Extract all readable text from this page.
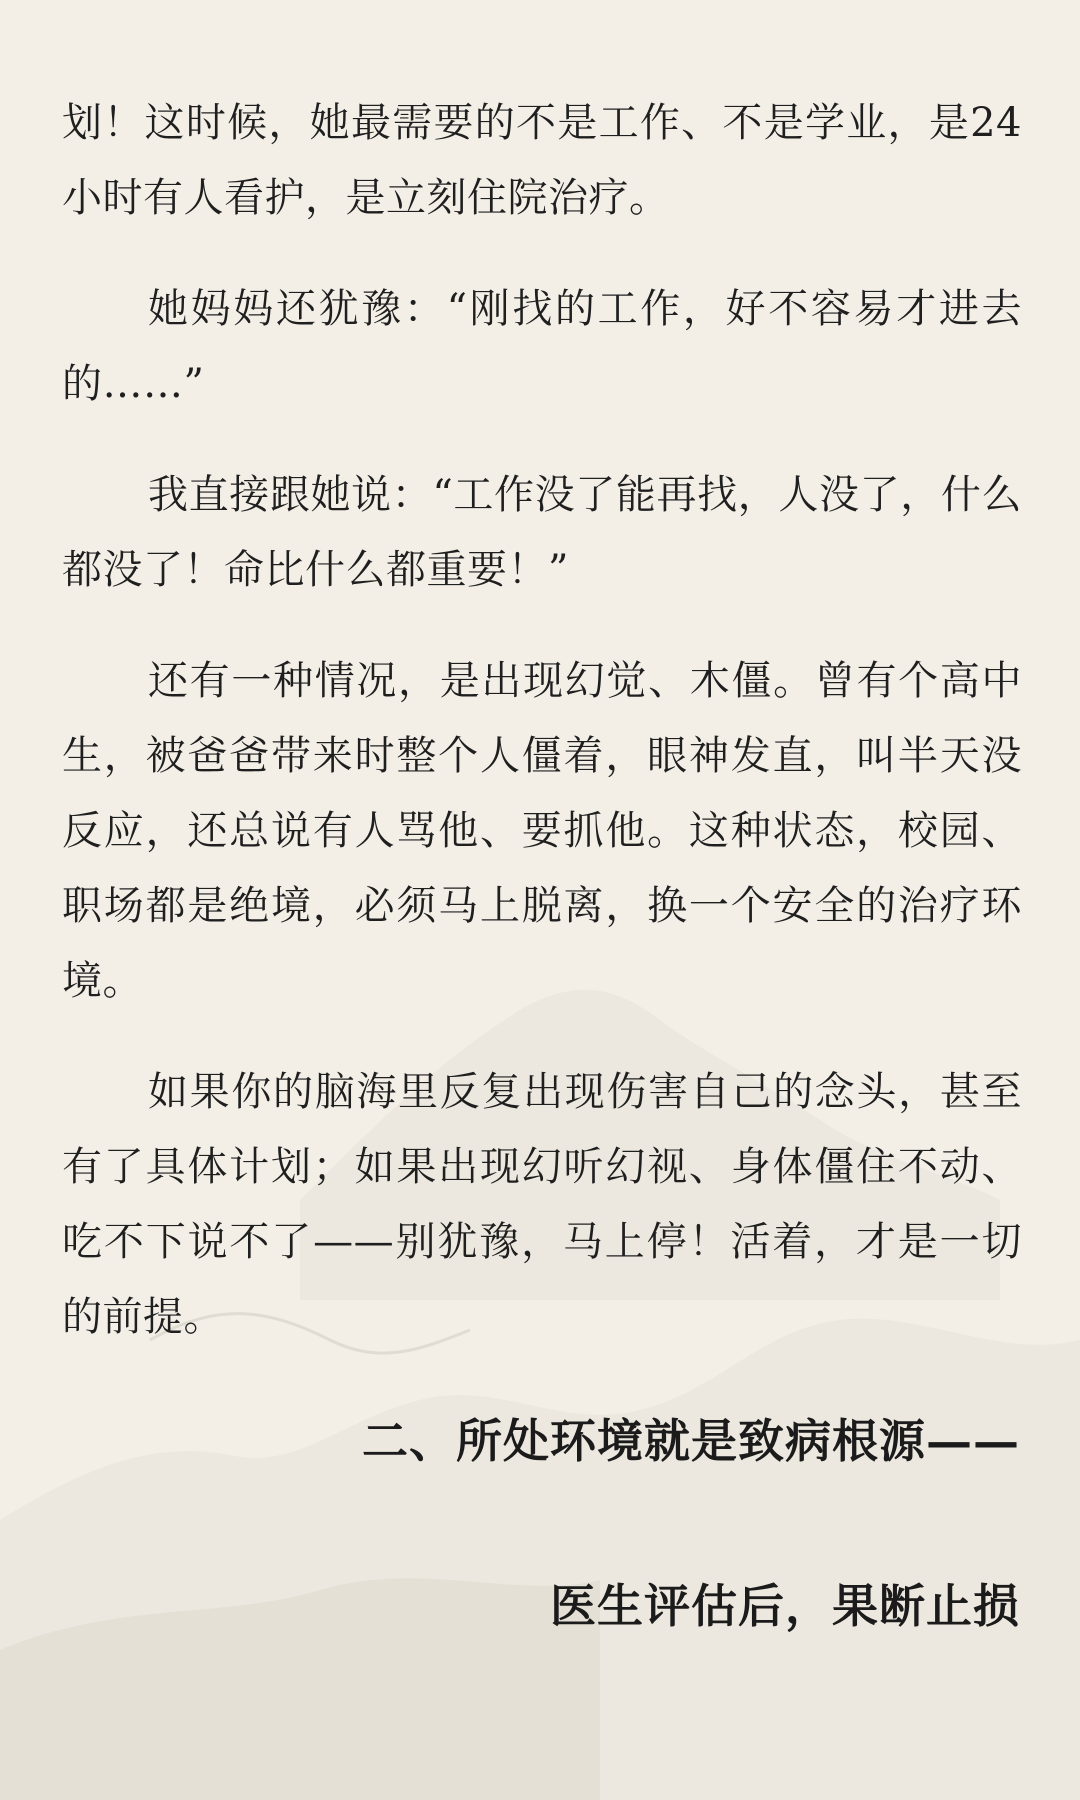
划！这时候，她最需要的不是工作、不是学业，是24小时有人看护，是立刻住院治疗。

她妈妈还犹豫：“刚找的工作，好不容易才进去的……”

我直接跟她说：“工作没了能再找，人没了，什么都没了！命比什么都重要！”

还有一种情况，是出现幻觉、木僵。曾有个高中生，被爸爸带来时整个人僵着，眼神发直，叫半天没反应，还总说有人骂他、要抓他。这种状态，校园、职场都是绝境，必须马上脱离，换一个安全的治疗环境。

如果你的脑海里反复出现伤害自己的念头，甚至有了具体计划；如果出现幻听幻视、身体僵住不动、吃不下说不了——别犹豫，马上停！活着，才是一切的前提。

二、所处环境就是致病根源——
医生评估后，果断止损
